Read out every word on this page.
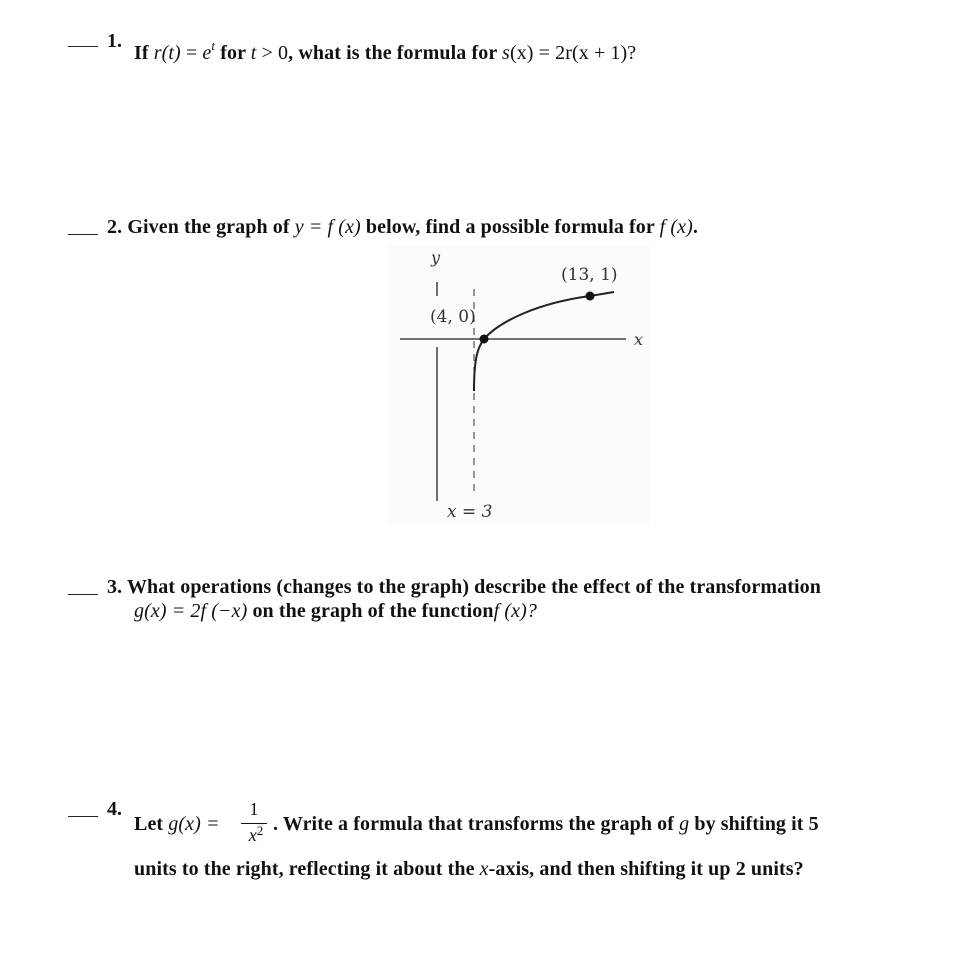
1.
If $r(t) = e^t$ for t > 0, what is the formula for s(x) = 2r(x + 1)?
2. Given the graph of y = f (x) below, find a possible formula for f (x).
y
x
(13, 1)
(4, 0)
x = 3
3. What operations (changes to the graph) describe the effect of the transformation
g(x) = 2f (−x) on the graph of the functionf (x)?
4.
Let g(x) =
1
$x^2$ . Write a formula that transforms the graph of g by shifting it 5
units to the right, reflecting it about the x-axis, and then shifting it up 2 units?
